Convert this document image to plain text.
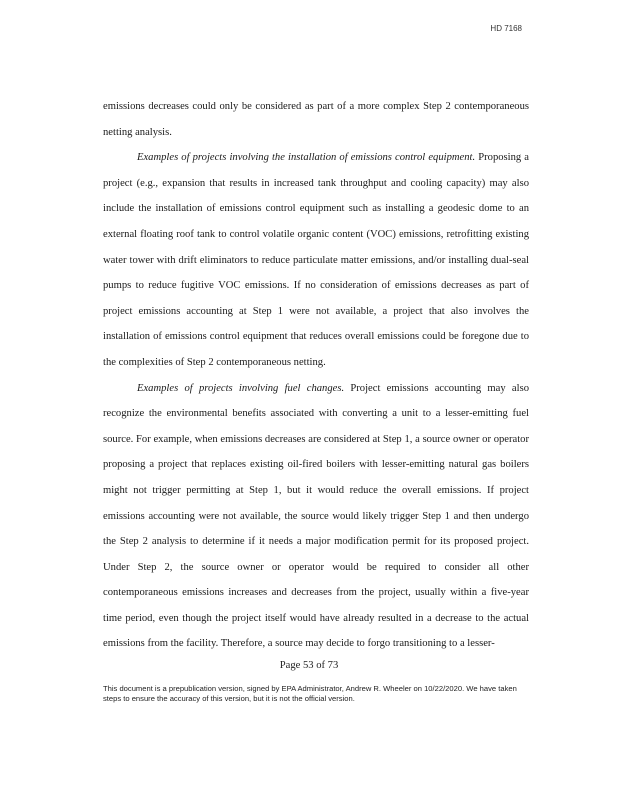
HD 7168

emissions decreases could only be considered as part of a more complex Step 2 contemporaneous netting analysis.

Examples of projects involving the installation of emissions control equipment. Proposing a project (e.g., expansion that results in increased tank throughput and cooling capacity) may also include the installation of emissions control equipment such as installing a geodesic dome to an external floating roof tank to control volatile organic content (VOC) emissions, retrofitting existing water tower with drift eliminators to reduce particulate matter emissions, and/or installing dual-seal pumps to reduce fugitive VOC emissions. If no consideration of emissions decreases as part of project emissions accounting at Step 1 were not available, a project that also involves the installation of emissions control equipment that reduces overall emissions could be foregone due to the complexities of Step 2 contemporaneous netting.

Examples of projects involving fuel changes. Project emissions accounting may also recognize the environmental benefits associated with converting a unit to a lesser-emitting fuel source. For example, when emissions decreases are considered at Step 1, a source owner or operator proposing a project that replaces existing oil-fired boilers with lesser-emitting natural gas boilers might not trigger permitting at Step 1, but it would reduce the overall emissions. If project emissions accounting were not available, the source would likely trigger Step 1 and then undergo the Step 2 analysis to determine if it needs a major modification permit for its proposed project. Under Step 2, the source owner or operator would be required to consider all other contemporaneous emissions increases and decreases from the project, usually within a five-year time period, even though the project itself would have already resulted in a decrease to the actual emissions from the facility. Therefore, a source may decide to forgo transitioning to a lesser-

Page 53 of 73
This document is a prepublication version, signed by EPA Administrator, Andrew R. Wheeler on 10/22/2020. We have taken steps to ensure the accuracy of this version, but it is not the official version.
